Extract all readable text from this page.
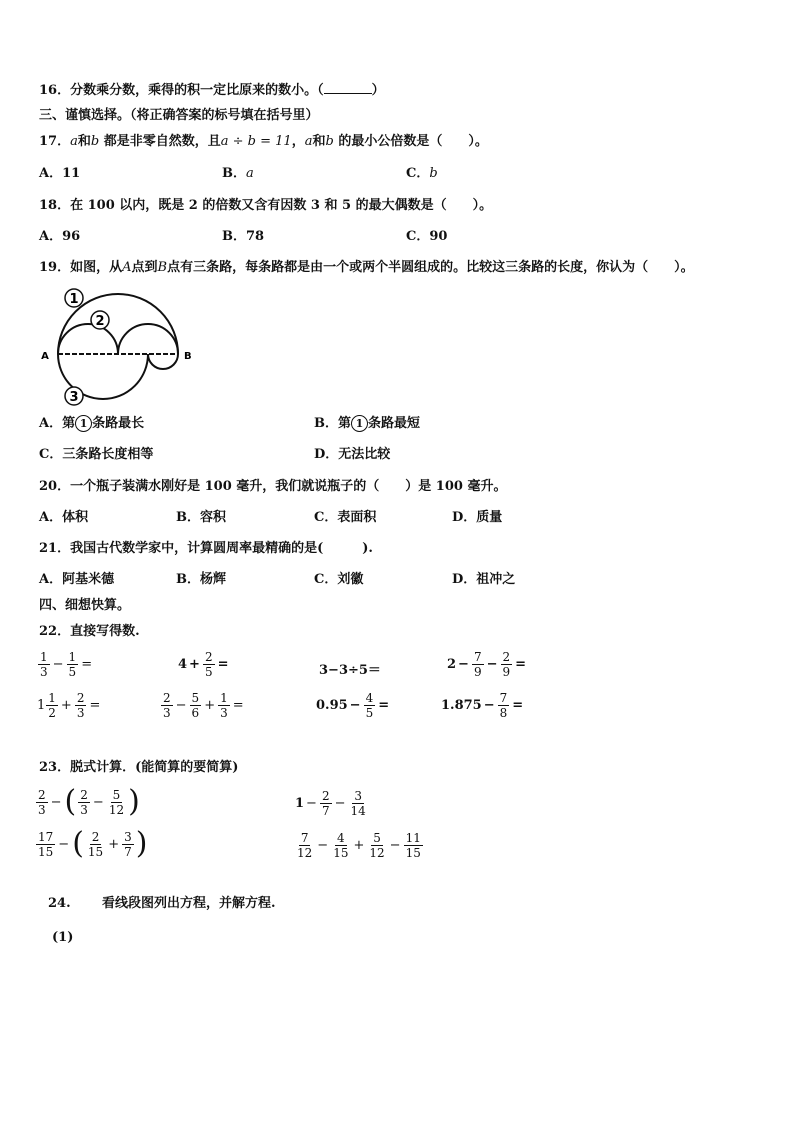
16．分数乘分数，乘得的积一定比原来的数小。（	）
三、谨慎选择。（将正确答案的标号填在括号里）
17．a和b 都是非零自然数，且a ÷ b = 11，a和b 的最小公倍数是（　　）。
A．11	B．a	C．b
18．在 100 以内，既是 2 的倍数又含有因数 3 和 5 的最大偶数是（　　）。
A．96	B．78	C．90
19．如图，从A点到B点有三条路，每条路都是由一个或两个半圆组成的。比较这三条路的长度，你认为（　　）。
1
2
3
A	B
A．第 1 条路最长	B．第 1 条路最短
C．三条路长度相等	D．无法比较
20．一个瓶子装满水刚好是 100 毫升，我们就说瓶子的（　　）是 100 毫升。
A．体积	B．容积	C．表面积	D．质量
21．我国古代数学家中，计算圆周率最精确的是(　　　).
A．阿基米德	B．杨辉	C．刘徽	D．祖冲之
四、细想快算。
22．直接写得数.
$\frac{1}{3} - \frac{1}{5}$ =	$4 + \frac{2}{5}$ =	3−3÷5＝	$2 - \frac{7}{9} - \frac{2}{9}$ =
$1 \frac{1}{2} + \frac{2}{3}$ =	$\frac{2}{3} - \frac{5}{6} + \frac{1}{3}$ =	$0.95 - \frac{4}{5}$ =	$1.875 - \frac{7}{8}$ =
23．脱式计算．(能简算的要简算)
$\frac{2}{3}$ − ( $\frac{2}{3} - \frac{5}{12}$ )	$1 - \frac{2}{7} - \frac{3}{14}$
$\frac{17}{15}$ − ( $\frac{2}{15} + \frac{3}{7}$ )	$\frac{7}{12} - \frac{4}{15} + \frac{5}{12} - \frac{11}{15}$
24. 看线段图列出方程，并解方程.
(1)
